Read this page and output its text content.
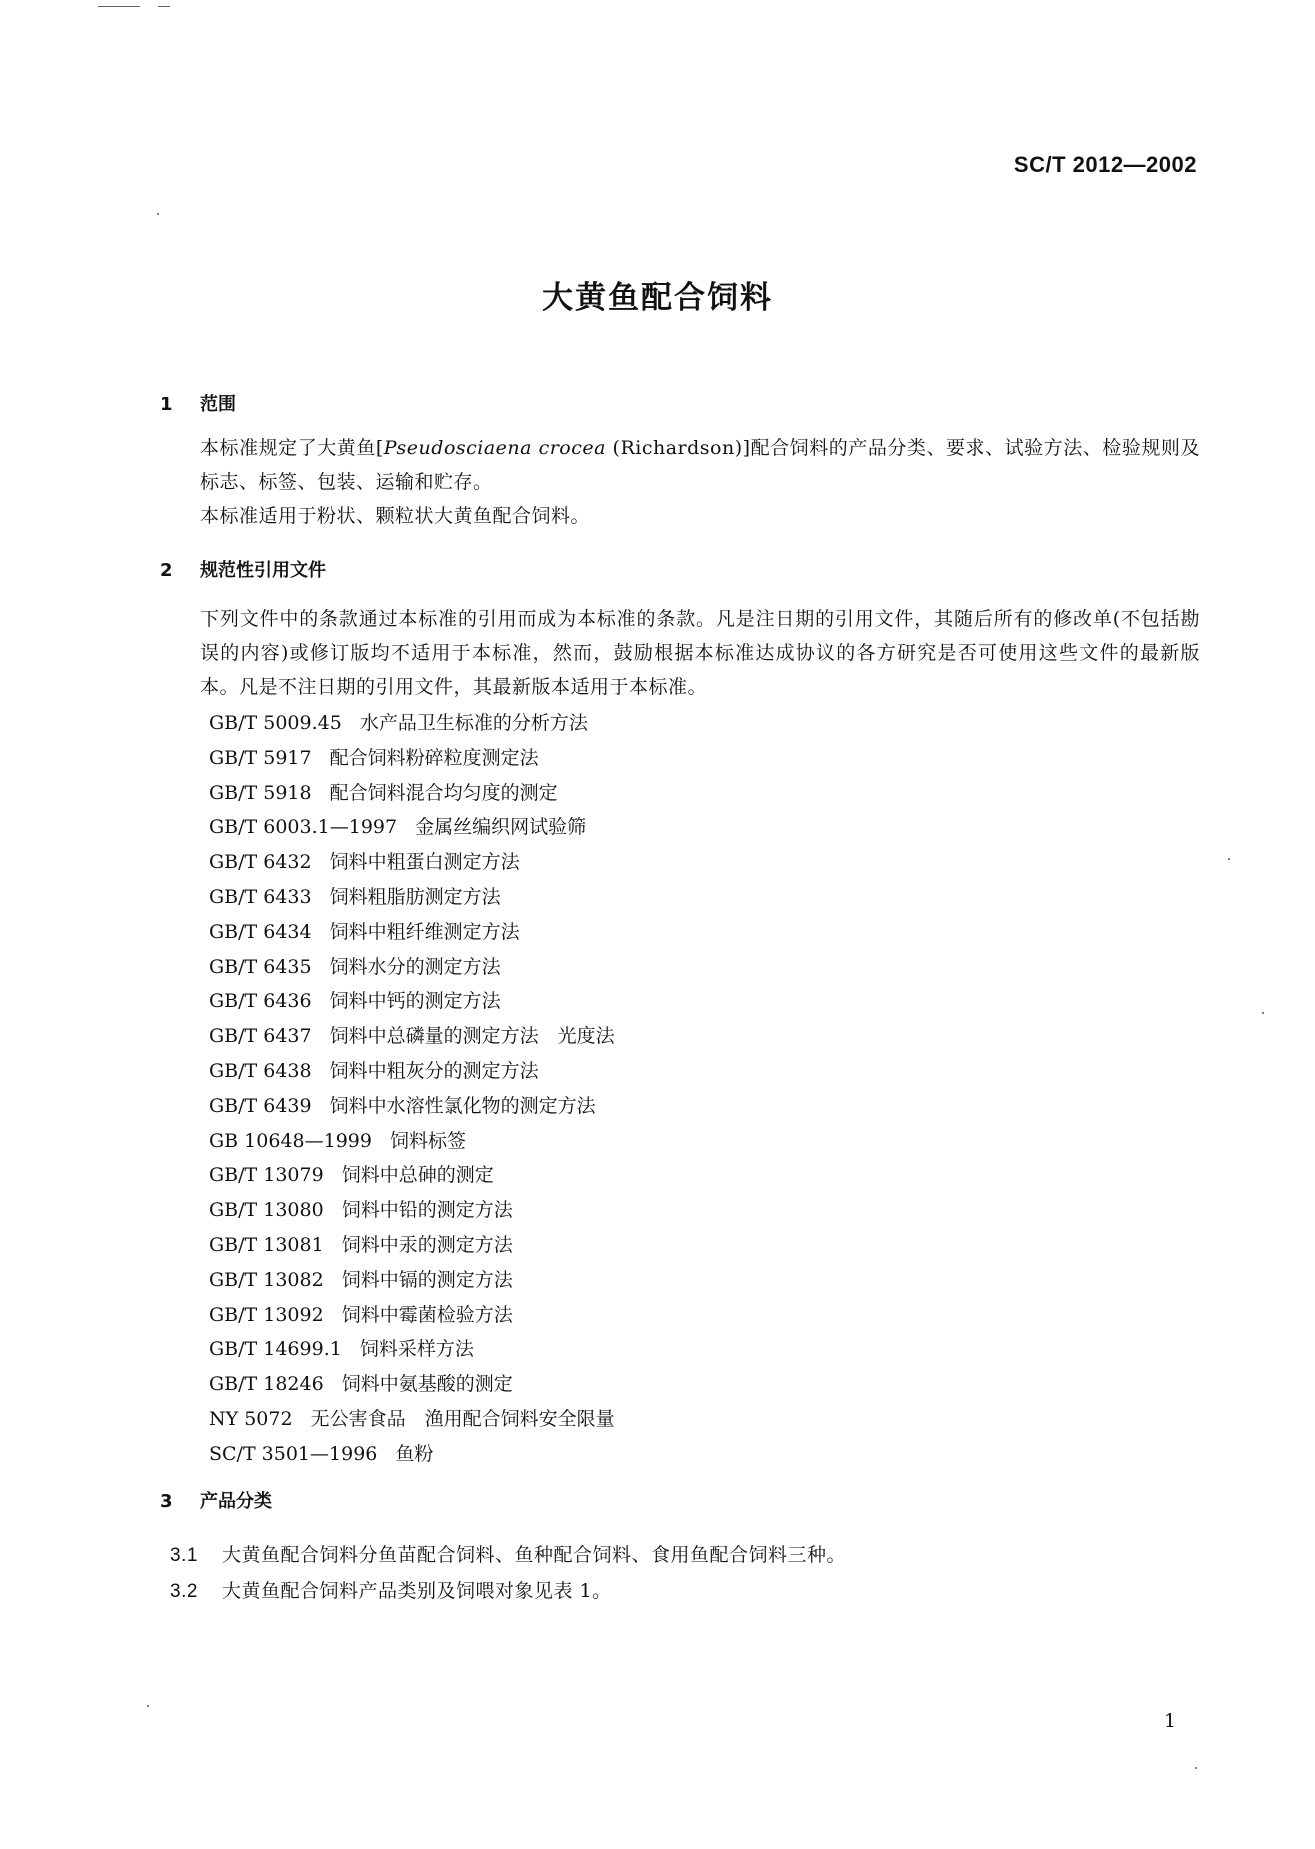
SC/T 2012—2002
大黄鱼配合饲料
1 范围
本标准规定了大黄鱼[Pseudosciaena crocea (Richardson)]配合饲料的产品分类、要求、试验方法、检验规则及标志、标签、包装、运输和贮存。
本标准适用于粉状、颗粒状大黄鱼配合饲料。
2 规范性引用文件
下列文件中的条款通过本标准的引用而成为本标准的条款。凡是注日期的引用文件，其随后所有的修改单(不包括勘误的内容)或修订版均不适用于本标准，然而，鼓励根据本标准达成协议的各方研究是否可使用这些文件的最新版本。凡是不注日期的引用文件，其最新版本适用于本标准。
GB/T 5009.45 水产品卫生标准的分析方法
GB/T 5917 配合饲料粉碎粒度测定法
GB/T 5918 配合饲料混合均匀度的测定
GB/T 6003.1—1997 金属丝编织网试验筛
GB/T 6432 饲料中粗蛋白测定方法
GB/T 6433 饲料粗脂肪测定方法
GB/T 6434 饲料中粗纤维测定方法
GB/T 6435 饲料水分的测定方法
GB/T 6436 饲料中钙的测定方法
GB/T 6437 饲料中总磷量的测定方法　光度法
GB/T 6438 饲料中粗灰分的测定方法
GB/T 6439 饲料中水溶性氯化物的测定方法
GB 10648—1999 饲料标签
GB/T 13079 饲料中总砷的测定
GB/T 13080 饲料中铅的测定方法
GB/T 13081 饲料中汞的测定方法
GB/T 13082 饲料中镉的测定方法
GB/T 13092 饲料中霉菌检验方法
GB/T 14699.1 饲料采样方法
GB/T 18246 饲料中氨基酸的测定
NY 5072 无公害食品　渔用配合饲料安全限量
SC/T 3501—1996 鱼粉
3 产品分类
3.1 大黄鱼配合饲料分鱼苗配合饲料、鱼种配合饲料、食用鱼配合饲料三种。
3.2 大黄鱼配合饲料产品类别及饲喂对象见表 1。
1
